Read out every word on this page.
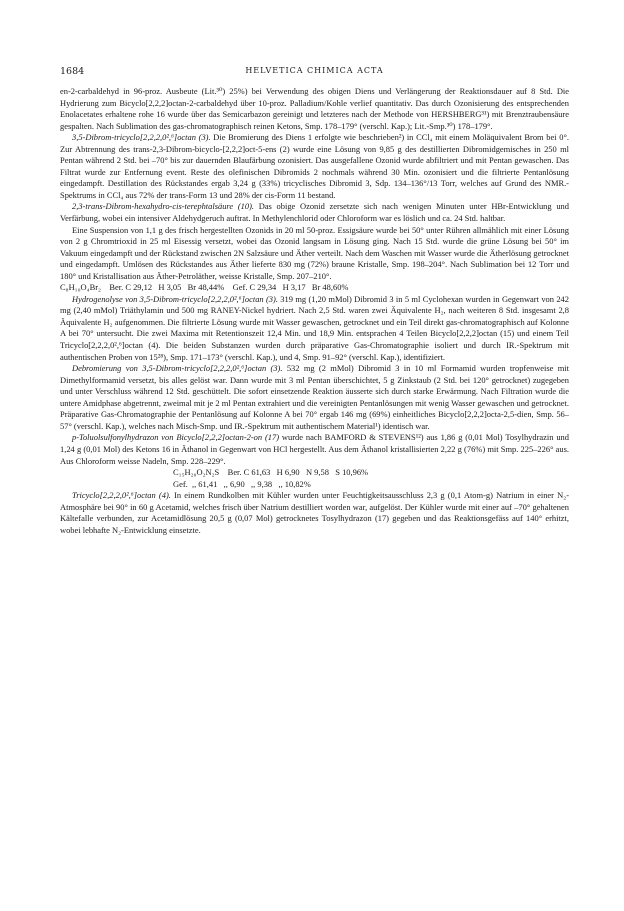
1684	HELVETICA CHIMICA ACTA

en-2-carbaldehyd in 96-proz. Ausbeute (Lit.³⁰) 25%) bei Verwendung des obigen Diens und Verlängerung der Reaktionsdauer auf 8 Std. Die Hydrierung zum Bicyclo[2,2,2]octan-2-carbaldehyd über 10-proz. Palladium/Kohle verlief quantitativ. Das durch Ozonisierung des entsprechenden Enolacetates erhaltene rohe 16 wurde über das Semicarbazon gereinigt und letzteres nach der Methode von HERSHBERG³¹) mit Brenztraubensäure gespalten. Nach Sublimation des gas-chromatographisch reinen Ketons, Smp. 178–179° (verschl. Kap.); Lit.-Smp.³⁰) 178–179°.

3,5-Dibrom-tricyclo[2,2,2,0²,⁶]octan (3). Die Bromierung des Diens 1 erfolgte wie beschrieben²) in CCl₄ mit einem Moläquivalent Brom bei 0°. Zur Abtrennung des trans-2,3-Dibrom-bicyclo-[2,2,2]oct-5-ens (2) wurde eine Lösung von 9,85 g des destillierten Dibromidgemisches in 250 ml Pentan während 2 Std. bei –70° bis zur dauernden Blaufärbung ozonisiert. Das ausgefallene Ozonid wurde abfiltriert und mit Pentan gewaschen. Das Filtrat wurde zur Entfernung event. Reste des olefinischen Dibromids 2 nochmals während 30 Min. ozonisiert und die filtrierte Pentanlösung eingedampft. Destillation des Rückstandes ergab 3,24 g (33%) tricyclisches Dibromid 3, Sdp. 134–136°/13 Torr, welches auf Grund des NMR.-Spektrums in CCl₄ aus 72% der trans-Form 13 und 28% der cis-Form 11 bestand.

2,3-trans-Dibrom-hexahydro-cis-terephtalsäure (10). Das obige Ozonid zersetzte sich nach wenigen Minuten unter HBr-Entwicklung und Verfärbung, wobei ein intensiver Aldehydgeruch auftrat. In Methylenchlorid oder Chloroform war es löslich und ca. 24 Std. haltbar.

Eine Suspension von 1,1 g des frisch hergestellten Ozonids in 20 ml 50-proz. Essigsäure wurde bei 50° unter Rühren allmählich mit einer Lösung von 2 g Chromtrioxid in 25 ml Eisessig versetzt, wobei das Ozonid langsam in Lösung ging. Nach 15 Std. wurde die grüne Lösung bei 50° im Vakuum eingedampft und der Rückstand zwischen 2N Salzsäure und Äther verteilt. Nach dem Waschen mit Wasser wurde die Ätherlösung getrocknet und eingedampft. Umlösen des Rückstandes aus Äther lieferte 830 mg (72%) braune Kristalle, Smp. 198–204°. Nach Sublimation bei 12 Torr und 180° und Kristallisation aus Äther-Petroläther, weisse Kristalle, Smp. 207–210°.

C₈H₁₀O₄Br₂    Ber. C 29,12   H 3,05   Br 48,44%    Gef. C 29,34   H 3,17   Br 48,60%

Hydrogenolyse von 3,5-Dibrom-tricyclo[2,2,2,0²,⁶]octan (3). 319 mg (1,20 mMol) Dibromid 3 in 5 ml Cyclohexan wurden in Gegenwart von 242 mg (2,40 mMol) Triäthylamin und 500 mg RANEY-Nickel hydriert. Nach 2,5 Std. waren zwei Äquivalente H₂, nach weiteren 8 Std. insgesamt 2,8 Äquivalente H₂ aufgenommen. Die filtrierte Lösung wurde mit Wasser gewaschen, getrocknet und ein Teil direkt gas-chromatographisch auf Kolonne A bei 70° untersucht. Die zwei Maxima mit Retentionszeit 12,4 Min. und 18,9 Min. entsprachen 4 Teilen Bicyclo[2,2,2]octan (15) und einem Teil Tricyclo[2,2,2,0²,⁶]octan (4). Die beiden Substanzen wurden durch präparative Gas-Chromatographie isoliert und durch IR.-Spektrum mit authentischen Proben von 15²⁸), Smp. 171–173° (verschl. Kap.), und 4, Smp. 91–92° (verschl. Kap.), identifiziert.

Debromierung von 3,5-Dibrom-tricyclo[2,2,2,0²,⁶]octan (3). 532 mg (2 mMol) Dibromid 3 in 10 ml Formamid wurden tropfenweise mit Dimethylformamid versetzt, bis alles gelöst war. Dann wurde mit 3 ml Pentan überschichtet, 5 g Zinkstaub (2 Std. bei 120° getrocknet) zugegeben und unter Verschluss während 12 Std. geschüttelt. Die sofort einsetzende Reaktion äusserte sich durch starke Erwärmung. Nach Filtration wurde die untere Amidphase abgetrennt, zweimal mit je 2 ml Pentan extrahiert und die vereinigten Pentanlösungen mit wenig Wasser gewaschen und getrocknet. Präparative Gas-Chromatographie der Pentanlösung auf Kolonne A bei 70° ergab 146 mg (69%) einheitliches Bicyclo[2,2,2]octa-2,5-dien, Smp. 56–57° (verschl. Kap.), welches nach Misch-Smp. und IR.-Spektrum mit authentischem Material¹) identisch war.

p-Toluolsulfonylhydrazon von Bicyclo[2,2,2]octan-2-on (17) wurde nach BAMFORD & STEVENS¹²) aus 1,86 g (0,01 Mol) Tosylhydrazin und 1,24 g (0,01 Mol) des Ketons 16 in Äthanol in Gegenwart von HCl hergestellt. Aus dem Äthanol kristallisierten 2,22 g (76%) mit Smp. 225–226° aus. Aus Chloroform weisse Nadeln, Smp. 228–229°.

C₁₅H₂₀O₂N₂S    Ber. C 61,63   H 6,90   N 9,58   S 10,96%
Gef.  ,, 61,41   ,, 6,90   ,, 9,38   ,, 10,82%

Tricyclo[2,2,2,0²,⁶]octan (4). In einem Rundkolben mit Kühler wurden unter Feuchtigkeitsausschluss 2,3 g (0,1 Atom-g) Natrium in einer N₂-Atmosphäre bei 90° in 60 g Acetamid, welches frisch über Natrium destilliert worden war, aufgelöst. Der Kühler wurde mit einer auf –70° gehaltenen Kältefalle verbunden, zur Acetamidlösung 20,5 g (0,07 Mol) getrocknetes Tosylhydrazon (17) gegeben und das Reaktionsgefäss auf 140° erhitzt, wobei lebhafte N₂-Entwicklung einsetzte.
